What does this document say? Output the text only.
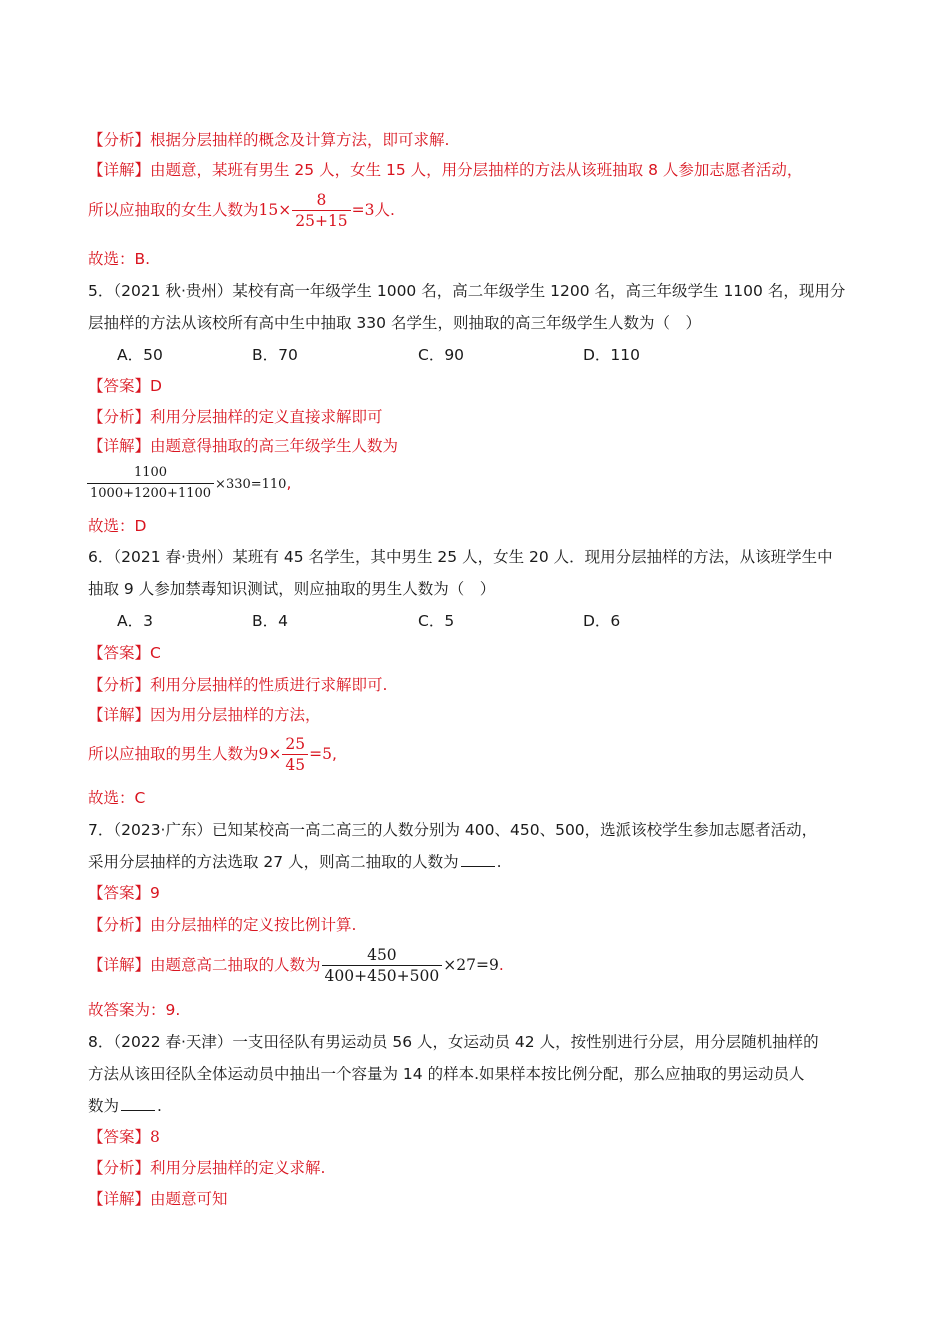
【分析】根据分层抽样的概念及计算方法，即可求解.
【详解】由题意，某班有男生 25 人，女生 15 人，用分层抽样的方法从该班抽取 8 人参加志愿者活动，
所以应抽取的女生人数为$15\times \frac{8}{25+15} =3$人.
故选：B.
5．（2021 秋·贵州）某校有高一年级学生 1000 名，高二年级学生 1200 名，高三年级学生 1100 名，现用分
层抽样的方法从该校所有高中生中抽取 330 名学生，则抽取的高三年级学生人数为（　）
A．50	B．70	C．90	D．110
【答案】D
【分析】利用分层抽样的定义直接求解即可
【详解】由题意得抽取的高三年级学生人数为
$\frac{1100}{1000+1200+1100} \times 330=110$,
故选：D
6．（2021 春·贵州）某班有 45 名学生，其中男生 25 人，女生 20 人．现用分层抽样的方法，从该班学生中
抽取 9 人参加禁毒知识测试，则应抽取的男生人数为（　）
A．3	B．4	C．5	D．6
【答案】C
【分析】利用分层抽样的性质进行求解即可.
【详解】因为用分层抽样的方法，
所以应抽取的男生人数为$9\times \frac{25}{45} =5$,
故选：C
7．（2023·广东）已知某校高一高二高三的人数分别为 400、450、500，选派该校学生参加志愿者活动，
采用分层抽样的方法选取 27 人，则高二抽取的人数为 .
【答案】9
【分析】由分层抽样的定义按比例计算.
【详解】由题意高二抽取的人数为 $\frac{450}{400+450+500} \times 27=9$.
故答案为：9.
8．（2022 春·天津）一支田径队有男运动员 56 人，女运动员 42 人，按性别进行分层，用分层随机抽样的
方法从该田径队全体运动员中抽出一个容量为 14 的样本.如果样本按比例分配，那么应抽取的男运动员人
数为 .
【答案】8
【分析】利用分层抽样的定义求解.
【详解】由题意可知
